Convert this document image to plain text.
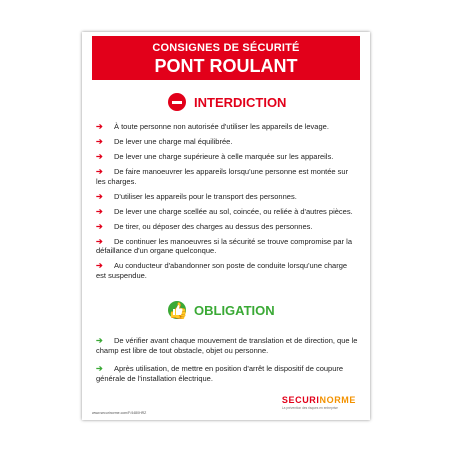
CONSIGNES DE SÉCURITÉ
PONT ROULANT
INTERDICTION
➔	À toute personne non autorisée d'utiliser les appareils de levage.
➔	De lever une charge mal équilibrée.
➔	De lever une charge supérieure à celle marquée sur les appareils.
➔	De faire manoeuvrer les appareils lorsqu'une personne est montée sur les charges.
➔	D'utiliser les appareils pour le transport des personnes.
➔	De lever une charge scellée au sol, coincée, ou reliée à d'autres pièces.
➔	De tirer, ou déposer des charges au dessus des personnes.
➔	De continuer les manoeuvres si la sécurité se trouve compromise par la défaillance d'un organe quelconque.
➔	Au conducteur d'abandonner son poste de conduite lorsqu'une charge est suspendue.
👍
OBLIGATION
➔	De vérifier avant chaque mouvement de translation et de direction, que le champ est libre de tout obstacle, objet ou personne.
➔	Après utilisation, de mettre en position d'arrêt le dispositif de coupure générale de l'installation électrique.
www.securinorme.com/F/4480HRZ
SECURINORME
La prévention des risques en entreprise
